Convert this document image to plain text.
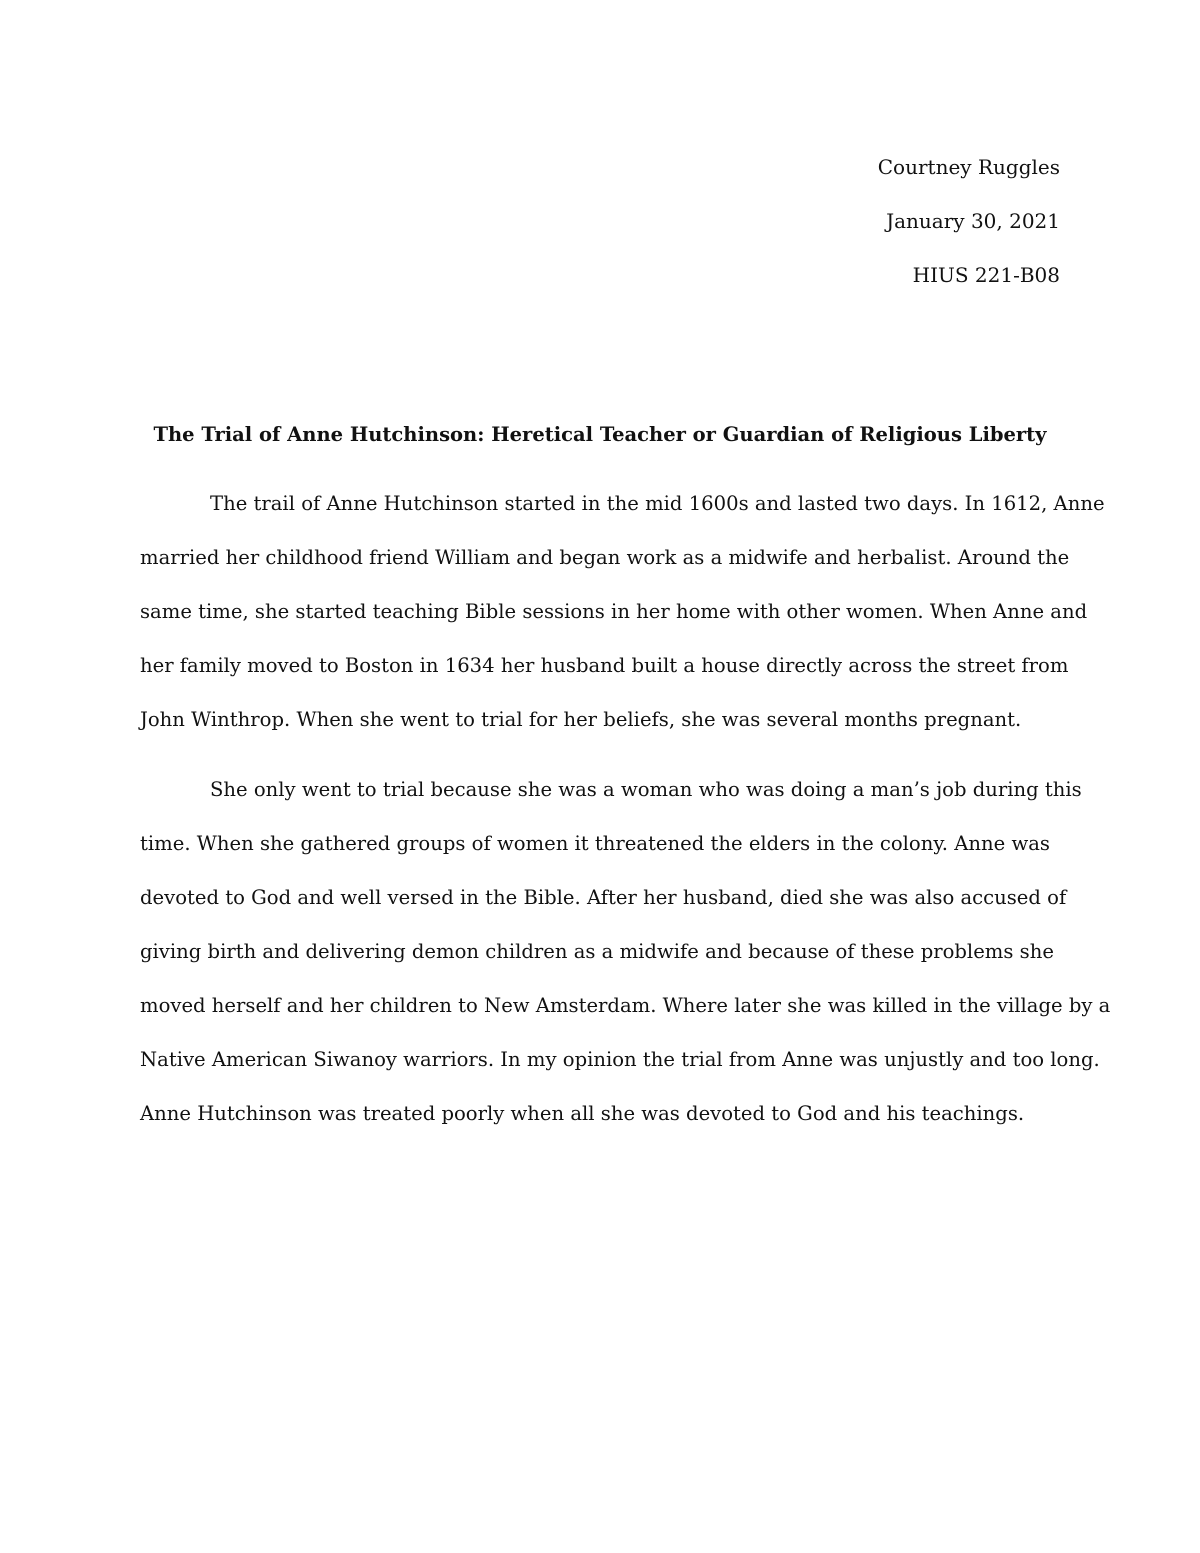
Courtney Ruggles
January 30, 2021
HIUS 221-B08
The Trial of Anne Hutchinson: Heretical Teacher or Guardian of Religious Liberty

The trail of Anne Hutchinson started in the mid 1600s and lasted two days. In 1612, Anne
married her childhood friend William and began work as a midwife and herbalist. Around the
same time, she started teaching Bible sessions in her home with other women. When Anne and
her family moved to Boston in 1634 her husband built a house directly across the street from
John Winthrop. When she went to trial for her beliefs, she was several months pregnant.

She only went to trial because she was a woman who was doing a man’s job during this
time. When she gathered groups of women it threatened the elders in the colony. Anne was
devoted to God and well versed in the Bible. After her husband, died she was also accused of
giving birth and delivering demon children as a midwife and because of these problems she
moved herself and her children to New Amsterdam. Where later she was killed in the village by a
Native American Siwanoy warriors. In my opinion the trial from Anne was unjustly and too long.
Anne Hutchinson was treated poorly when all she was devoted to God and his teachings.
